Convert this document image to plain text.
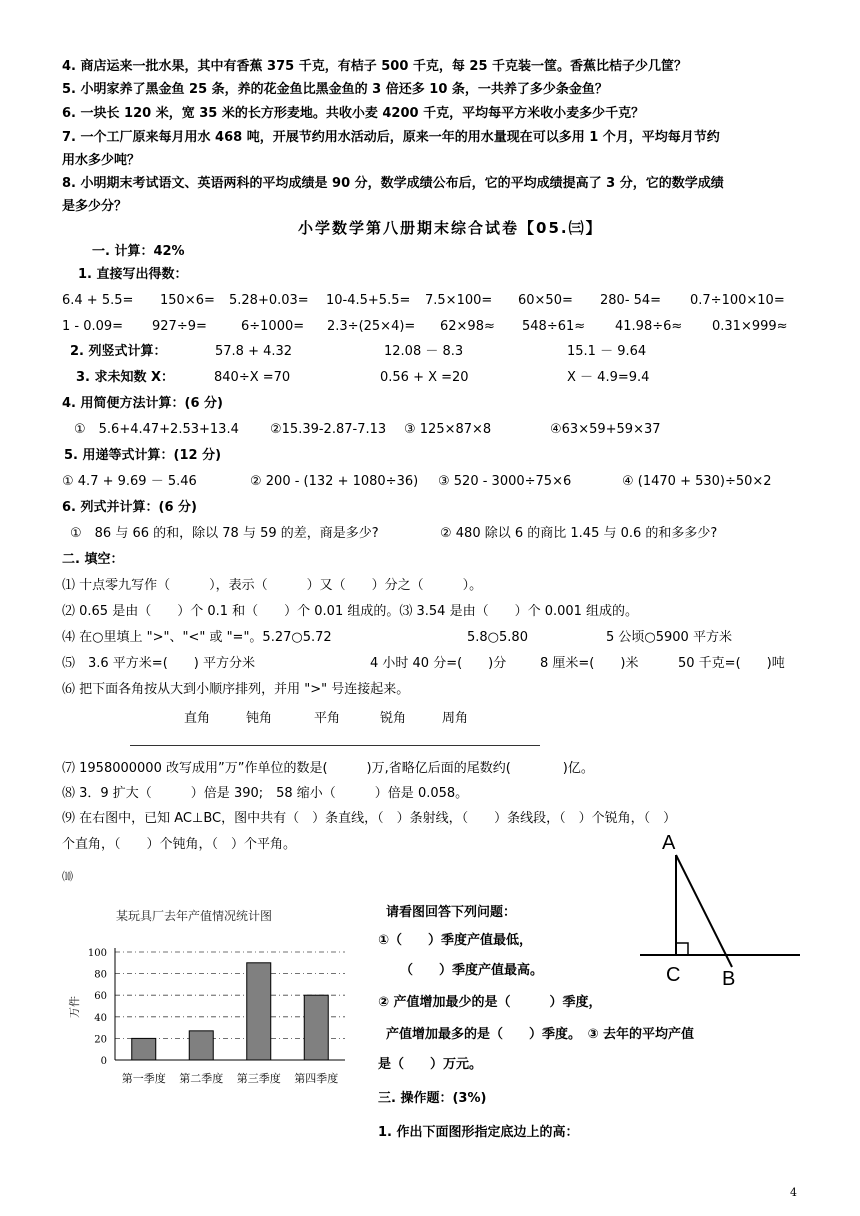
4. 商店运来一批水果，其中有香蕉 375 千克，有桔子 500 千克，每 25 千克装一筐。香蕉比桔子少几筐？
5. 小明家养了黑金鱼 25 条，养的花金鱼比黑金鱼的 3 倍还多 10 条，一共养了多少条金鱼？
6. 一块长 120 米，宽 35 米的长方形麦地。共收小麦 4200 千克，平均每平方米收小麦多少千克？
7. 一个工厂原来每月用水 468 吨，开展节约用水活动后，原来一年的用水量现在可以多用 1 个月，平均每月节约
用水多少吨？
8. 小明期末考试语文、英语两科的平均成绩是 90 分，数学成绩公布后，它的平均成绩提高了 3 分，它的数学成绩
是多少分？
小学数学第八册期末综合试卷【05.㈢】
一. 计算：42%
1. 直接写出得数：
6.4 + 5.5= 150×6= 5.28+0.03= 10-4.5+5.5= 7.5×100= 60×50= 280- 54= 0.7÷100×10=
1 - 0.09= 927÷9=	6÷1000= 2.3÷(25×4)= 62×98≈ 548÷61≈ 41.98÷6≈ 0.31×999≈
2. 列竖式计算：	57.8 + 4.32	12.08 － 8.3	15.1 － 9.64
3. 求未知数 X：	840÷X =70	0.56 + X =20	X － 4.9=9.4
4. 用简便方法计算：(6 分)
①　5.6+4.47+2.53+13.4 ②15.39-2.87-7.13 ③ 125×87×8	④63×59+59×37
5. 用递等式计算：(12 分)
① 4.7 + 9.69 － 5.46	② 200 - (132 + 1080÷36) ③ 520 - 3000÷75×6	④ (1470 + 530)÷50×2
6. 列式并计算：(6 分)
①　86 与 66 的和，除以 78 与 59 的差，商是多少?	② 480 除以 6 的商比 1.45 与 0.6 的和多多少?
二. 填空：
⑴ 十点零九写作（　　　），表示（　　　）又（　　）分之（　　　）。
⑵ 0.65 是由（　　）个 0.1 和（　　）个 0.01 组成的。⑶ 3.54 是由（　　）个 0.001 组成的。
⑷ 在○里填上 ">"、"<" 或 "="。5.27○5.72	5.8○5.80	5 公顷○5900 平方米
⑸　3.6 平方米=(　　) 平方分米	4 小时 40 分=(　　)分	8 厘米=(　　)米	50 千克=(　　)吨
⑹ 把下面各角按从大到小顺序排列，并用 ">" 号连接起来。
直角	钝角	平角	锐角	周角
⑺ 1958000000 改写成用”万”作单位的数是(　　　)万,省略亿后面的尾数约(　　　　)亿。
⑻ 3．9 扩大（　　　）倍是 390;　58 缩小（　　　）倍是 0.058。
⑼ 在右图中，已知 AC⊥BC，图中共有（　）条直线，（　）条射线，（　　）条线段，（　）个锐角，（　）
个直角，（　　）个钝角，（　）个平角。
⑽
某玩具厂去年产值情况统计图
万件
0
20
40
60
80
100
第一季度 第二季度 第三季度 第四季度
请看图回答下列问题：
①（　　）季度产值最低，
（　　）季度产值最高。
② 产值增加最少的是（　　　）季度，
产值增加最多的是（　　）季度。　③ 去年的平均产值
是（　　）万元。
三. 操作题：(3%)
1. 作出下面图形指定底边上的高：
A
C B
4
